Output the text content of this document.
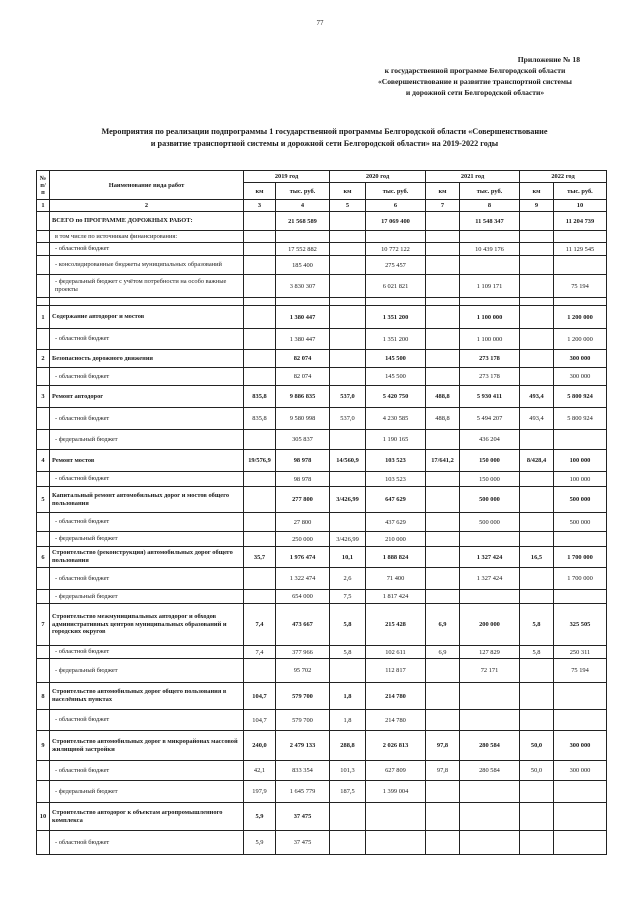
77
Приложение № 18
к государственной программе Белгородской области
«Совершенствование и развитие транспортной системы
и дорожной сети Белгородской области»
Мероприятия по реализации подпрограммы 1 государственной программы Белгородской области «Совершенствование
и развитие транспортной системы и дорожной сети Белгородской области» на 2019-2022 годы
№ п/п	Наименование вида работ	2019 год		2020 год		2021 год		2022 год	
		км	тыс. руб.	км	тыс. руб.	км	тыс. руб.	км	тыс. руб.
1	2	3	4	5	6	7	8	9	10
	ВСЕГО по ПРОГРАММЕ ДОРОЖНЫХ РАБОТ:		21 568 589		17 069 400		11 548 347		11 204 739
	в том числе по источникам финансирования:								
	- областной бюджет		17 552 882		10 772 122		10 439 176		11 129 545
	- консолидированные бюджеты муниципальных образований		185 400		275 457				
	- федеральный бюджет с учётом потребности на особо важные проекты		3 830 307		6 021 821		1 109 171		75 194

1	Содержание автодорог и мостов		1 380 447		1 351 200		1 100 000		1 200 000
	- областной бюджет		1 380 447		1 351 200		1 100 000		1 200 000
2	Безопасность дорожного движения		82 074		145 500		273 178		300 000
	- областной бюджет		82 074		145 500		273 178		300 000
3	Ремонт автодорог	835,8	9 886 835	537,0	5 420 750	488,8	5 930 411	493,4	5 800 924
	- областной бюджет	835,8	9 580 998	537,0	4 230 585	488,8	5 494 207	493,4	5 800 924
	- федеральный бюджет		305 837		1 190 165		436 204		
4	Ремонт мостов	19/576,9	98 978	14/560,9	103 523	17/641,2	150 000	8/428,4	100 000
	- областной бюджет		98 978		103 523		150 000		100 000
5	Капитальный ремонт автомобильных дорог и мостов общего пользования		277 800	3/426,99	647 629		500 000		500 000
	- областной бюджет		27 800		437 629		500 000		500 000
	- федеральный бюджет		250 000	3/426,99	210 000				
6	Строительство (реконструкция) автомобильных дорог общего пользования	35,7	1 976 474	10,1	1 888 824		1 327 424	16,5	1 700 000
	- областной бюджет		1 322 474	2,6	71 400		1 327 424		1 700 000
	- федеральный бюджет		654 000	7,5	1 817 424				
7	Строительство межмуниципальных автодорог и обходов административных центров муниципальных образований и городских округов	7,4	473 667	5,8	215 428	6,9	200 000	5,8	325 505
	- областной бюджет	7,4	377 966	5,8	102 611	6,9	127 829	5,8	250 311
	- федеральный бюджет		95 702		112 817		72 171		75 194
8	Строительство автомобильных дорог общего пользования в населённых пунктах	104,7	579 700	1,8	214 780				
	- областной бюджет	104,7	579 700	1,8	214 780				
9	Строительство автомобильных дорог в микрорайонах массовой жилищной застройки	240,0	2 479 133	288,8	2 026 813	97,8	280 584	50,0	300 000
	- областной бюджет	42,1	833 354	101,3	627 809	97,8	280 584	50,0	300 000
	- федеральный бюджет	197,9	1 645 779	187,5	1 399 004				
10	Строительство автодорог к объектам агропромышленного комплекса	5,9	37 475						
	- областной бюджет	5,9	37 475						
